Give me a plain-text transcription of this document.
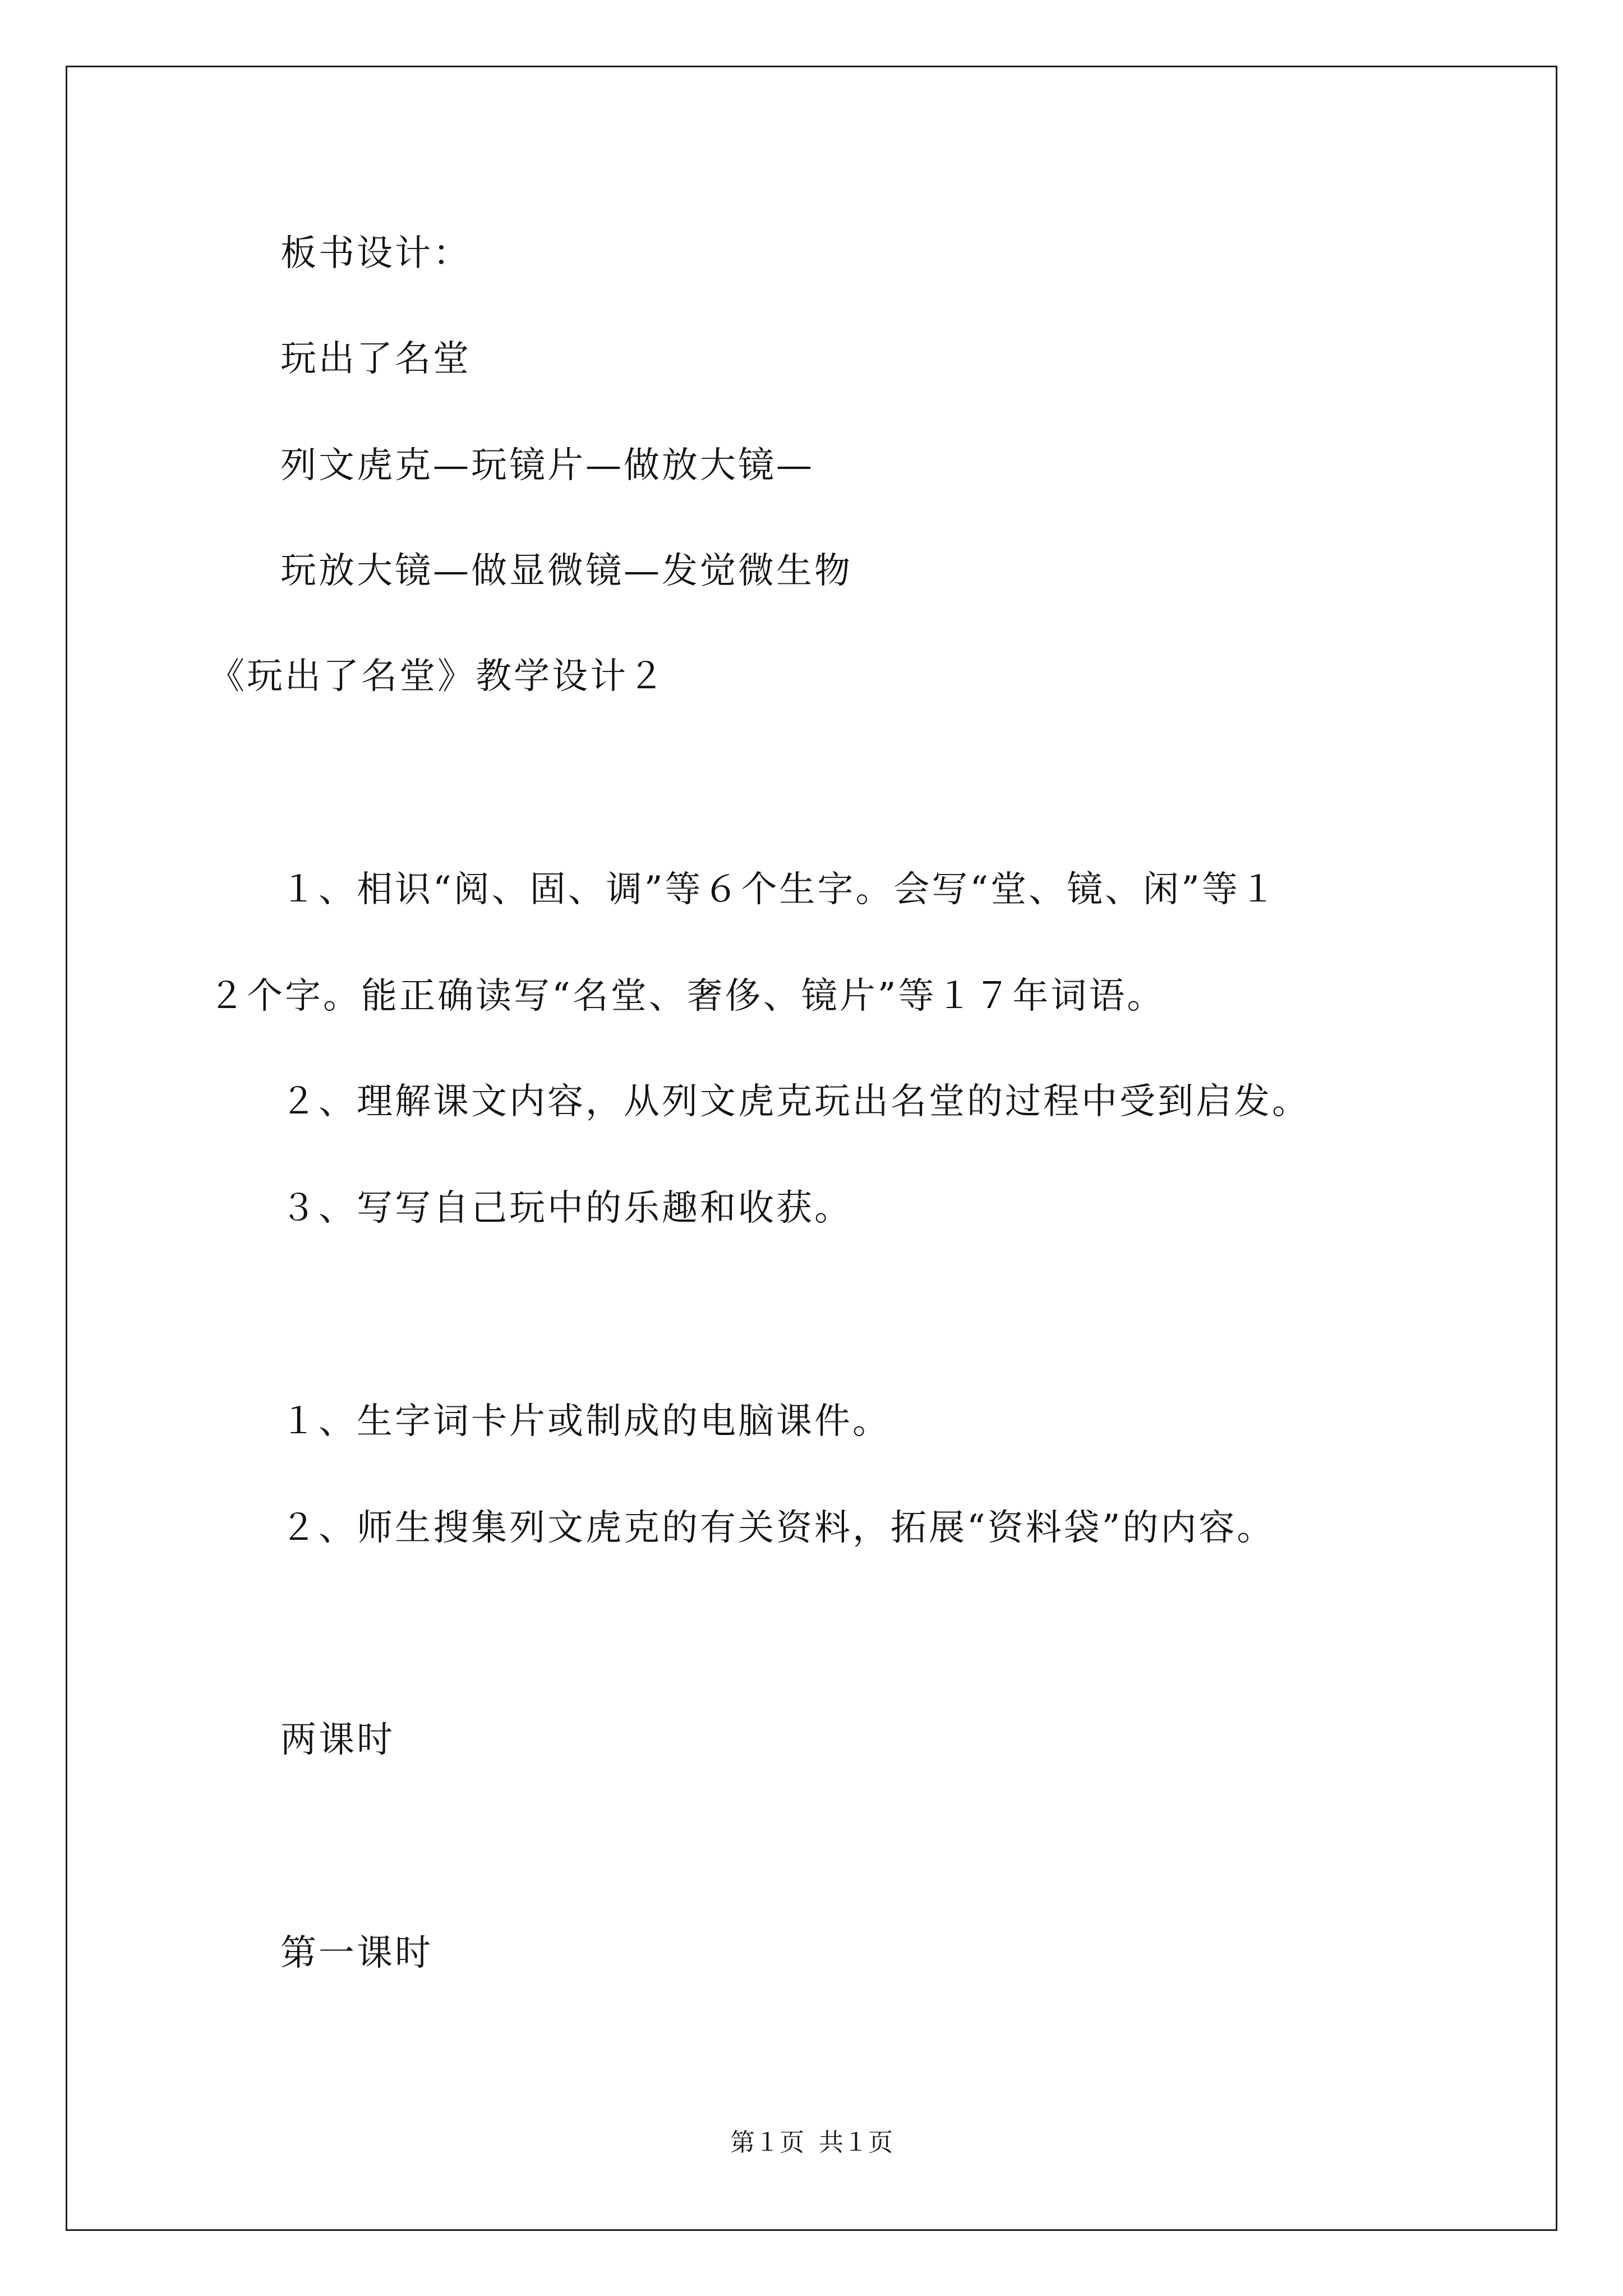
板书设计：
玩出了名堂
列文虎克—玩镜片—做放大镜—
玩放大镜—做显微镜—发觉微生物
《玩出了名堂》教学设计２
１、相识“阅、固、调”等６个生字。会写“堂、镜、闲”等１
２个字。能正确读写“名堂、奢侈、镜片”等１７年词语。
２、理解课文内容，从列文虎克玩出名堂的过程中受到启发。
３、写写自己玩中的乐趣和收获。
１、生字词卡片或制成的电脑课件。
２、师生搜集列文虎克的有关资料，拓展“资料袋”的内容。
两课时
第一课时
第１页 共１页
